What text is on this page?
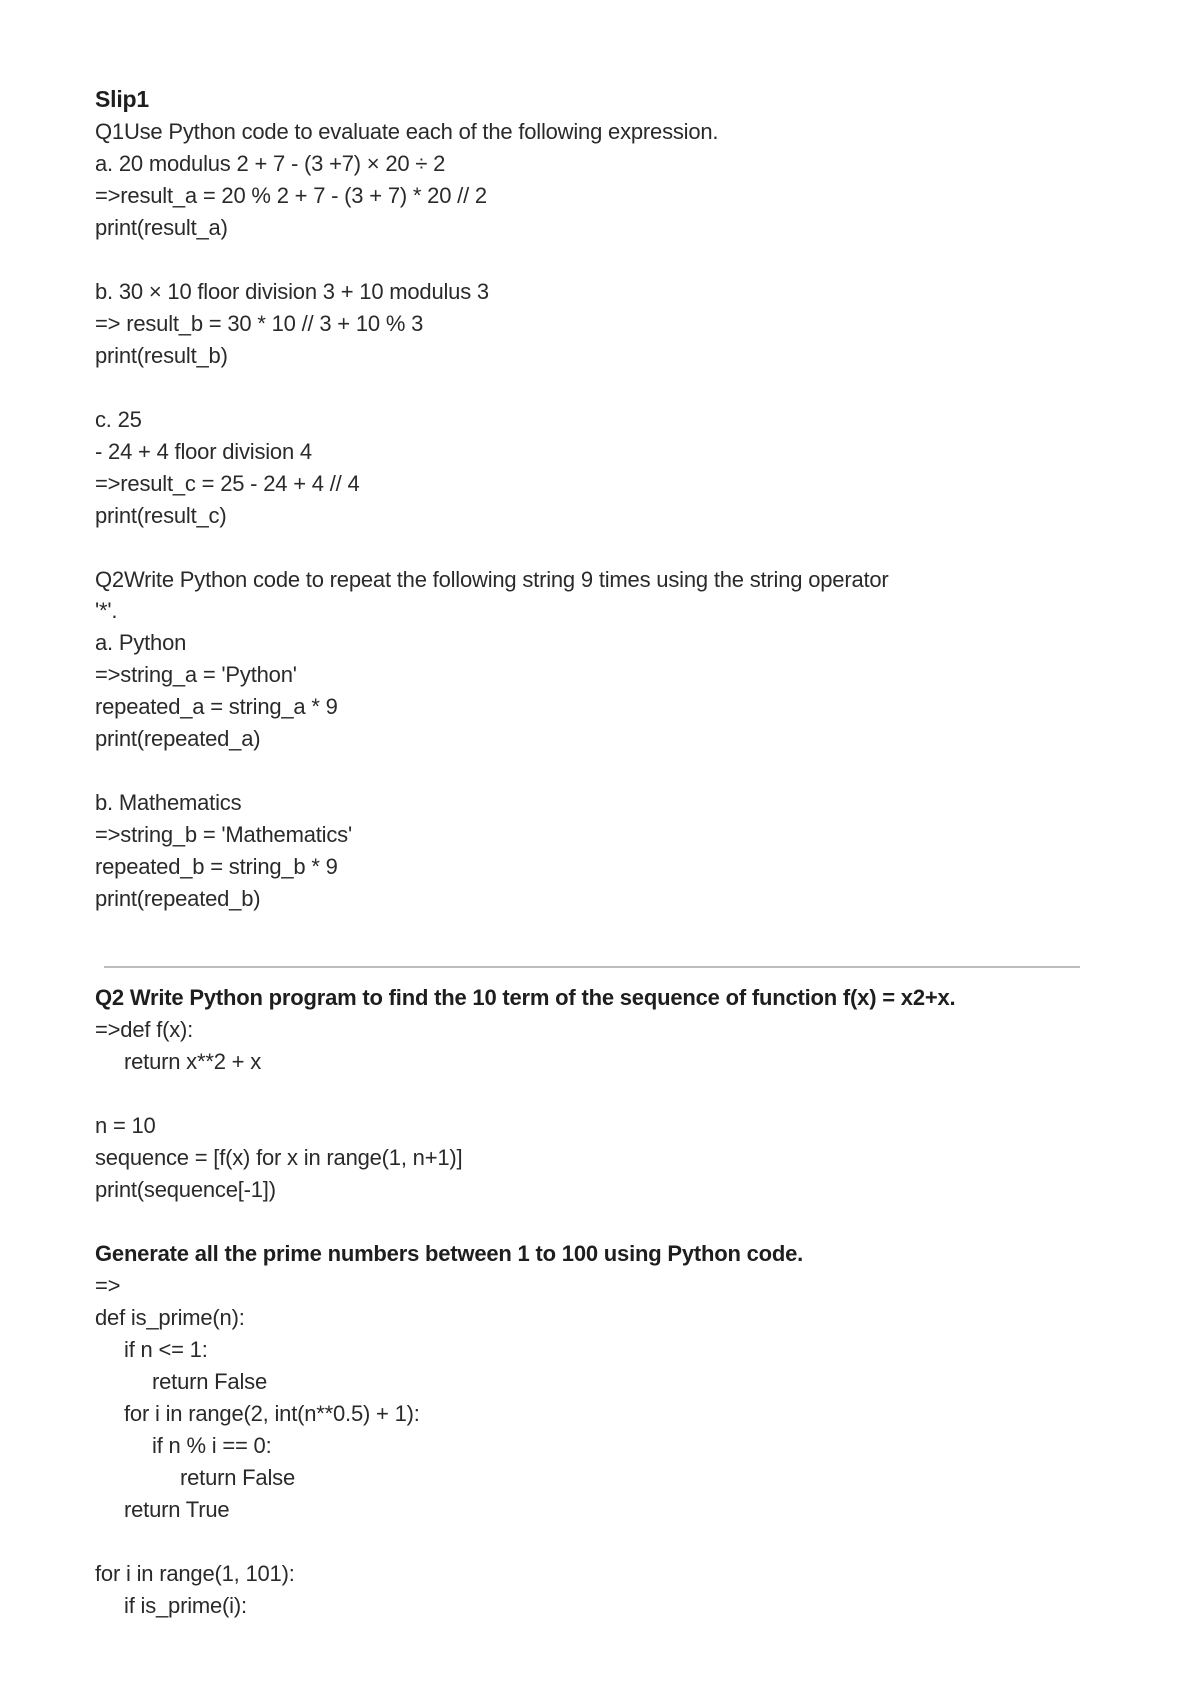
Slip1
Q1Use Python code to evaluate each of the following expression.
a. 20 modulus 2 + 7 - (3 +7) × 20 ÷ 2
=>result_a = 20 % 2 + 7 - (3 + 7) * 20 // 2
print(result_a)
b. 30 × 10 floor division 3 + 10 modulus 3
=> result_b = 30 * 10 // 3 + 10 % 3
print(result_b)
c. 25
- 24 + 4 floor division 4
=>result_c = 25 - 24 + 4 // 4
print(result_c)
Q2Write Python code to repeat the following string 9 times using the string operator
'*'.
a. Python
=>string_a = 'Python'
repeated_a = string_a * 9
print(repeated_a)
b. Mathematics
=>string_b = 'Mathematics'
repeated_b = string_b * 9
print(repeated_b)
Q2 Write Python program to find the 10 term of the sequence of function f(x) = x2+x.
=>def f(x):
return x**2 + x
n = 10
sequence = [f(x) for x in range(1, n+1)]
print(sequence[-1])
Generate all the prime numbers between 1 to 100 using Python code.
=>
def is_prime(n):
if n <= 1:
return False
for i in range(2, int(n**0.5) + 1):
if n % i == 0:
return False
return True
for i in range(1, 101):
if is_prime(i):
